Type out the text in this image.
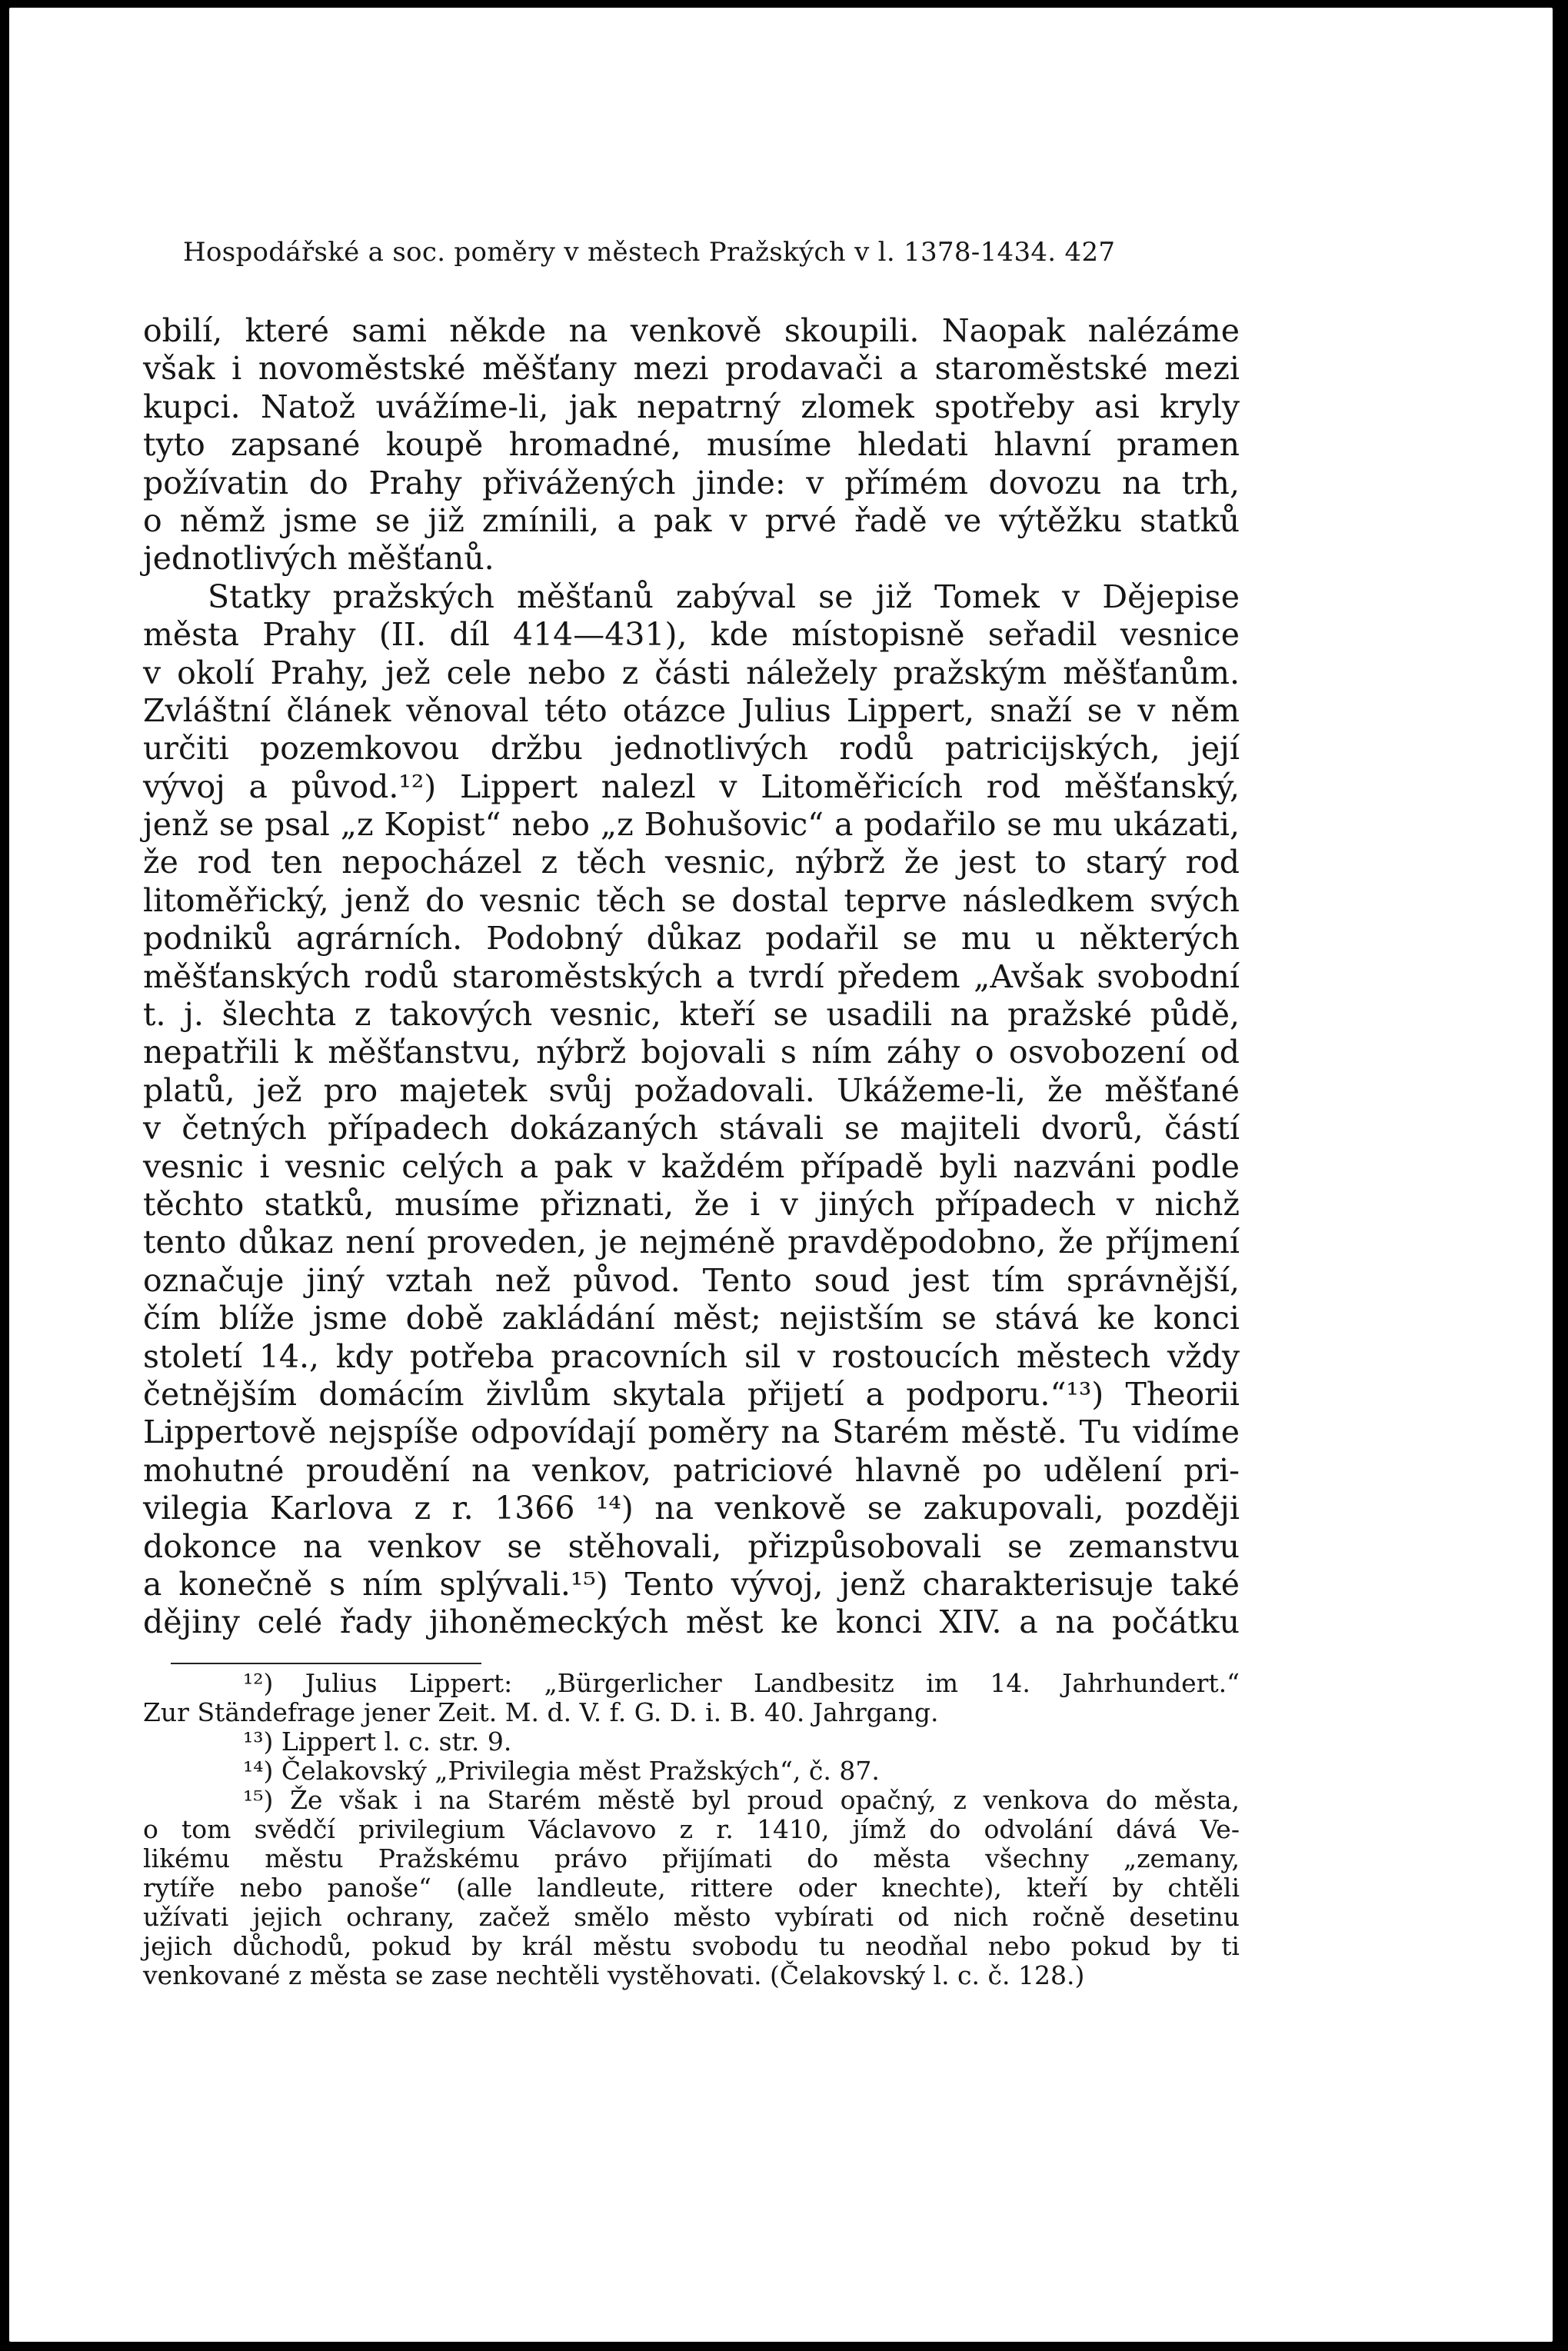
Hospodářské a soc. poměry v městech Pražských v l. 1378-1434. 427
obilí, které sami někde na venkově skoupili. Naopak nalézáme
však i novoměstské měšťany mezi prodavači a staroměstské mezi
kupci. Natož uvážíme-li, jak nepatrný zlomek spotřeby asi kryly
tyto zapsané koupě hromadné, musíme hledati hlavní pramen
požívatin do Prahy přivážených jinde: v přímém dovozu na trh,
o němž jsme se již zmínili, a pak v prvé řadě ve výtěžku statků
jednotlivých měšťanů.
Statky pražských měšťanů zabýval se již Tomek v Dějepise
města Prahy (II. díl 414—431), kde místopisně seřadil vesnice
v okolí Prahy, jež cele nebo z části náležely pražským měšťanům.
Zvláštní článek věnoval této otázce Julius Lippert, snaží se v něm
určiti pozemkovou držbu jednotlivých rodů patricijských, její
vývoj a původ.¹²) Lippert nalezl v Litoměřicích rod měšťanský,
jenž se psal „z Kopist“ nebo „z Bohušovic“ a podařilo se mu ukázati,
že rod ten nepocházel z těch vesnic, nýbrž že jest to starý rod
litoměřický, jenž do vesnic těch se dostal teprve následkem svých
podniků agrárních. Podobný důkaz podařil se mu u některých
měšťanských rodů staroměstských a tvrdí předem „Avšak svobodní
t. j. šlechta z takových vesnic, kteří se usadili na pražské půdě,
nepatřili k měšťanstvu, nýbrž bojovali s ním záhy o osvobození od
platů, jež pro majetek svůj požadovali. Ukážeme-li, že měšťané
v četných případech dokázaných stávali se majiteli dvorů, částí
vesnic i vesnic celých a pak v každém případě byli nazváni podle
těchto statků, musíme přiznati, že i v jiných případech v nichž
tento důkaz není proveden, je nejméně pravděpodobno, že příjmení
označuje jiný vztah než původ. Tento soud jest tím správnější,
čím blíže jsme době zakládání měst; nejistším se stává ke konci
století 14., kdy potřeba pracovních sil v rostoucích městech vždy
četnějším domácím živlům skytala přijetí a podporu.“¹³) Theorii
Lippertově nejspíše odpovídají poměry na Starém městě. Tu vidíme
mohutné proudění na venkov, patriciové hlavně po udělení pri-
vilegia Karlova z r. 1366 ¹⁴) na venkově se zakupovali, později
dokonce na venkov se stěhovali, přizpůsobovali se zemanstvu
a konečně s ním splývali.¹⁵) Tento vývoj, jenž charakterisuje také
dějiny celé řady jihoněmeckých měst ke konci XIV. a na počátku
¹²) Julius Lippert: „Bürgerlicher Landbesitz im 14. Jahrhundert.“
Zur Ständefrage jener Zeit. M. d. V. f. G. D. i. B. 40. Jahrgang.
¹³) Lippert l. c. str. 9.
¹⁴) Čelakovský „Privilegia měst Pražských“, č. 87.
¹⁵) Že však i na Starém městě byl proud opačný, z venkova do města,
o tom svědčí privilegium Václavovo z r. 1410, jímž do odvolání dává Ve-
likému městu Pražskému právo přijímati do města všechny „zemany,
rytíře nebo panoše“ (alle landleute, rittere oder knechte), kteří by chtěli
užívati jejich ochrany, začež smělo město vybírati od nich ročně desetinu
jejich důchodů, pokud by král městu svobodu tu neodňal nebo pokud by ti
venkované z města se zase nechtěli vystěhovati. (Čelakovský l. c. č. 128.)
